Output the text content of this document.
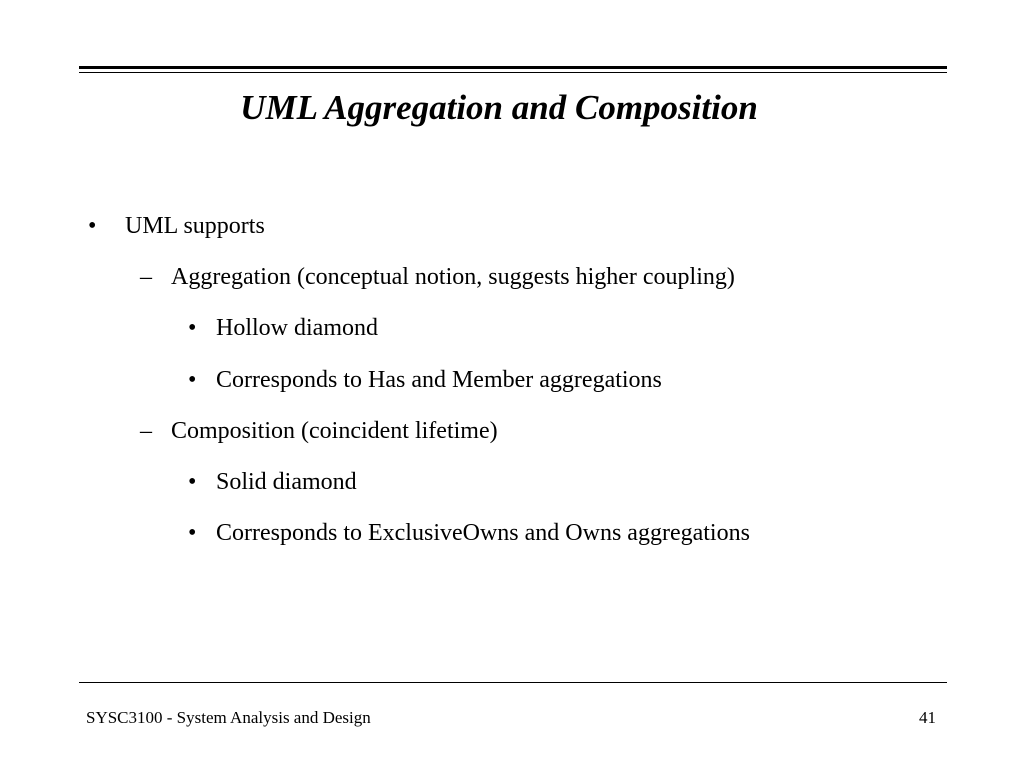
UML Aggregation and Composition
• UML supports
– Aggregation (conceptual notion, suggests higher coupling)
• Hollow diamond
• Corresponds to Has and Member aggregations
– Composition (coincident lifetime)
• Solid diamond
• Corresponds to ExclusiveOwns and Owns aggregations
SYSC3100 - System Analysis and Design	41
